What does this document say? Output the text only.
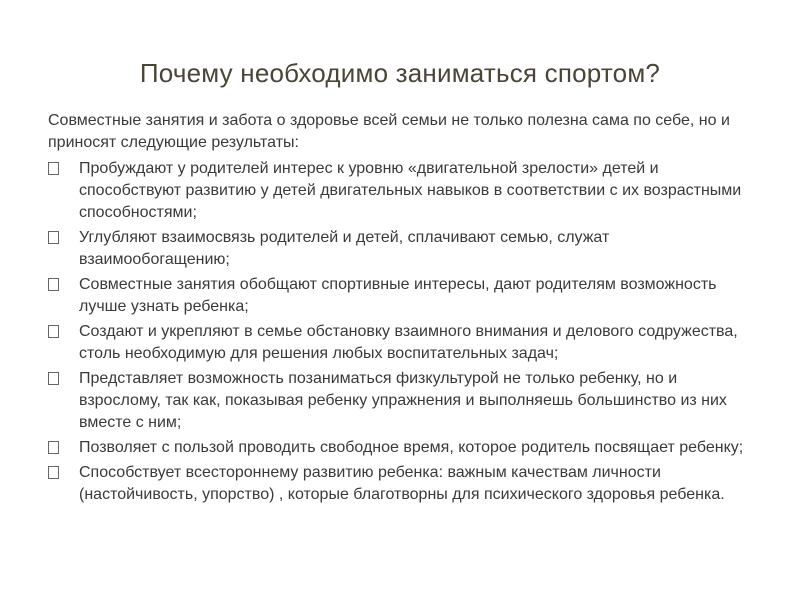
Почему необходимо заниматься спортом?

Совместные занятия и забота о здоровье всей семьи не только полезна сама по себе, но и приносят следующие результаты:

Пробуждают у родителей интерес к уровню «двигательной зрелости» детей и способствуют развитию у детей двигательных навыков в соответствии с их возрастными способностями;
Углубляют взаимосвязь родителей и детей, сплачивают семью, служат взаимообогащению;
Совместные занятия обобщают спортивные интересы, дают родителям возможность лучше узнать ребенка;
Создают и укрепляют в семье обстановку взаимного внимания и делового содружества, столь необходимую для решения любых воспитательных задач;
Представляет возможность позаниматься физкультурой не только ребенку, но и взрослому, так как, показывая ребенку упражнения и выполняешь большинство из них вместе с ним;
Позволяет с пользой проводить свободное время, которое родитель посвящает ребенку;
Способствует всестороннему развитию ребенка: важным качествам личности (настойчивость, упорство) , которые благотворны для психического здоровья ребенка.
